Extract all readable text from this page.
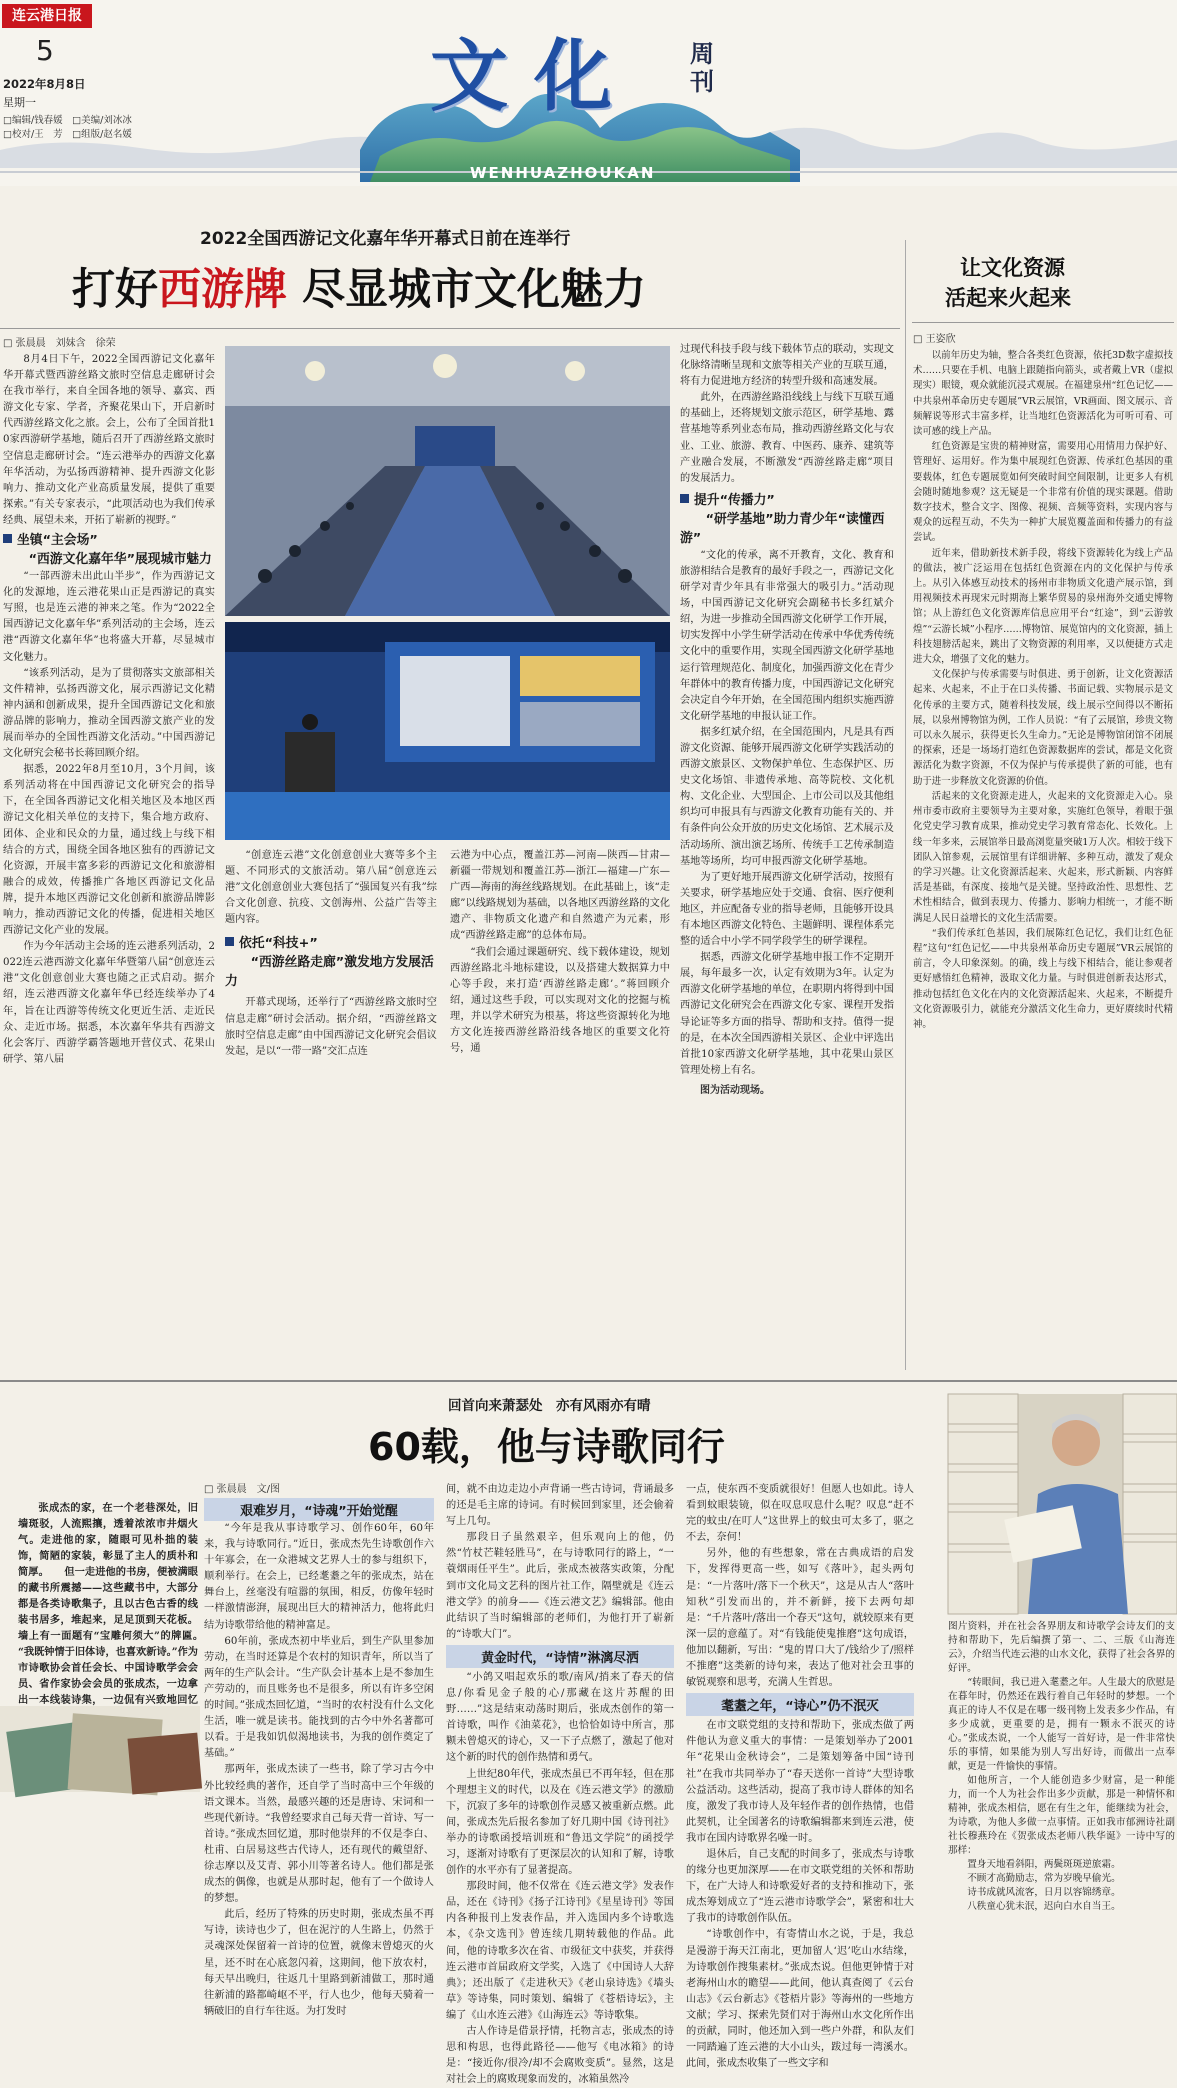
连云港日报
5
2022年8月8日
星期一
□编辑/钱春媛　□美编/刘冰冰
□校对/王　芳　□组版/赵名媛
文化 周刊
WENHUAZHOUKAN
2022全国西游记文化嘉年华开幕式日前在连举行
打好西游牌 尽显城市文化魅力
□ 张晨晨　刘妹含　徐荣

8月4日下午，2022全国西游记文化嘉年华开幕式暨西游丝路文旅时空信息走廊研讨会在我市举行，来自全国各地的领导、嘉宾、西游文化专家、学者，齐聚花果山下，开启新时代西游丝路文化之旅。会上，公布了全国首批10家西游研学基地，随后召开了西游丝路文旅时空信息走廊研讨会。“连云港举办的西游文化嘉年华活动，为弘扬西游精神、提升西游文化影响力、推动文化产业高质量发展，提供了重要探索。”有关专家表示，“此项活动也为我们传承经典、展望未来，开拓了崭新的视野。”

坐镇“主会场”
“西游文化嘉年华”展现城市魅力

“一部西游未出此山半步”，作为西游记文化的发源地，连云港花果山正是西游记的真实写照，也是连云港的神来之笔。作为“2022全国西游记文化嘉年华”系列活动的主会场，连云港“西游文化嘉年华”也将盛大开幕，尽显城市文化魅力。

“该系列活动，是为了贯彻落实文旅部相关文件精神，弘扬西游文化，展示西游记文化精神内涵和创新成果，提升全国西游记文化和旅游品牌的影响力，推动全国西游文旅产业的发展而举办的全国性西游文化活动。”中国西游记文化研究会秘书长蒋回顾介绍。

据悉，2022年8月至10月，3个月间，该系列活动将在中国西游记文化研究会的指导下，在全国各西游记文化相关地区及本地区西游记文化相关单位的支持下，集合地方政府、团体、企业和民众的力量，通过线上与线下相结合的方式，围绕全国各地区独有的西游记文化资源，开展丰富多彩的西游记文化和旅游相融合的成效，传播推广各地区西游记文化品牌，提升本地区西游记文化创新和旅游品牌影响力，推动西游记文化的传播，促进相关地区西游记文化产业的发展。

作为今年活动主会场的连云港系列活动，2022连云港西游文化嘉年华暨第八届“创意连云港”文化创意创业大赛也随之正式启动。据介绍，连云港西游文化嘉年华已经连续举办了4年，旨在让西游等传统文化更近生活、走近民众、走近市场。据悉，本次嘉年华共有西游文化会客厅、西游学霸答题地开营仪式、花果山研学、第八届

“创意连云港”文化创意创业大赛等多个主题、不同形式的文旅活动。第八届“创意连云港”文化创意创业大赛包括了“强国复兴有我”综合文化创意、抗疫、文创海州、公益广告等主题内容。

依托“科技+”
“西游丝路走廊”激发地方发展活力

开幕式现场，还举行了“西游丝路文旅时空信息走廊”研讨会活动。据介绍，“西游丝路文旅时空信息走廊”由中国西游记文化研究会倡议发起，是以“一带一路”交汇点连

云港为中心点，覆盖江苏—河南—陕西—甘肃—新疆一带规划和覆盖江苏—浙江—福建—广东—广西—海南的海丝线路规划。在此基础上，该“走廊”以线路规划为基础，以各地区西游丝路的文化遗产、非物质文化遗产和自然遗产为元素，形成“西游丝路走廊”的总体布局。

“我们会通过课题研究、线下载体建设，规划西游丝路北斗地标建设，以及搭建大数据算力中心等手段，来打造‘西游丝路走廊’。”蒋回顾介绍，通过这些手段，可以实现对文化的挖掘与梳理，并以学术研究为根基，将这些资源转化为地方文化连接西游丝路沿线各地区的重要文化符号，通

过现代科技手段与线下载体节点的联动，实现文化脉络清晰呈现和文旅等相关产业的互联互通，将有力促进地方经济的转型升级和高速发展。

此外，在西游丝路沿线线上与线下互联互通的基础上，还将规划文旅示范区，研学基地、露营基地等系列业态布局，推动西游丝路文化与农业、工业、旅游、教育、中医药、康养、建筑等产业融合发展，不断激发“西游丝路走廊”项目的发展活力。

提升“传播力”
“研学基地”助力青少年“读懂西游”

“文化的传承，离不开教育，文化、教育和旅游相结合是教育的最好手段之一，西游记文化研学对青少年具有非常强大的吸引力。”活动现场，中国西游记文化研究会副秘书长多红斌介绍，为进一步推动全国西游文化研学工作开展，切实发挥中小学生研学活动在传承中华优秀传统文化中的重要作用，实现全国西游文化研学基地运行管理规范化、制度化，加强西游文化在青少年群体中的教育传播力度，中国西游记文化研究会决定自今年开始，在全国范围内组织实施西游文化研学基地的申报认证工作。

据多红斌介绍，在全国范围内，凡是具有西游文化资源、能够开展西游文化研学实践活动的西游文旅景区、文物保护单位、生态保护区、历史文化场馆、非遗传承地、高等院校、文化机构、文化企业、大型国企、上市公司以及其他组织均可申报具有与西游文化教育功能有关的、并有条件向公众开放的历史文化场馆、艺术展示及活动场所、演出演艺场所、传统手工艺传承制造基地等场所，均可申报西游文化研学基地。

为了更好地开展西游文化研学活动，按照有关要求，研学基地应处于交通、食宿、医疗便利地区，并应配备专业的指导老师，且能够开设具有本地区西游文化特色、主题鲜明、课程体系完整的适合中小学不同学段学生的研学课程。

据悉，西游文化研学基地申报工作不定期开展，每年最多一次，认定有效期为3年。认定为西游文化研学基地的单位，在职期内将得到中国西游记文化研究会在西游文化专家、课程开发指导论证等多方面的指导、帮助和支持。值得一提的是，在本次全国西游相关景区、企业中评选出首批10家西游文化研学基地，其中花果山景区管理处榜上有名。

图为活动现场。
让文化资源
活起来火起来
□ 王姿欣

以前年历史为轴，整合各类红色资源，依托3D数字虚拟技术……只要在手机、电脑上跟随指向箭头，或者戴上VR（虚拟现实）眼镜，观众就能沉浸式观展。在福建泉州“红色记忆——中共泉州革命历史专题展”VR云展馆，VR画面、图文展示、音频解说等形式丰富多样，让当地红色资源活化为可听可看、可读可感的线上产品。

红色资源是宝贵的精神财富，需要用心用情用力保护好、管理好、运用好。作为集中展现红色资源、传承红色基因的重要载体，红色专题展览如何突破时间空间限制，让更多人有机会随时随地参观？这无疑是一个非常有价值的现实课题。借助数字技术，整合文字、图像、视频、音频等资料，实现内容与观众的远程互动，不失为一种扩大展览覆盖面和传播力的有益尝试。

近年来，借助新技术新手段，将线下资源转化为线上产品的做法，被广泛运用在包括红色资源在内的文化保护与传承上。从引入体感互动技术的扬州市非物质文化遗产展示馆，到用视频技术再现宋元时期海上繁华贸易的泉州海外交通史博物馆；从上游红色文化资源库信息应用平台“红途”，到“云游敦煌”“云游长城”小程序……博物馆、展览馆内的文化资源，插上科技翅膀活起来，跳出了文物资源的利用率，又以便捷方式走进大众，增强了文化的魅力。

文化保护与传承需要与时俱进、勇于创新，让文化资源活起来、火起来，不止于在口头传播、书面记载、实物展示是文化传承的主要方式，随着科技发展，线上展示空间得以不断拓展，以泉州博物馆为例，工作人员说：“有了云展馆，珍贵文物可以永久展示，获得更长久生命力。”无论是博物馆闭馆不闭展的探索，还是一场场打造红色资源数据库的尝试，都是文化资源活化为数字资源，不仅为保护与传承提供了新的可能，也有助于进一步释放文化资源的价值。

活起来的文化资源走进人，火起来的文化资源走入心。泉州市委市政府主要领导为主要对象，实施红色领导，着眼于强化党史学习教育成果，推动党史学习教育常态化、长效化。上线一年多来，云展馆举日最高浏览量突破1万人次。相较于线下团队入馆参观，云展馆里有详细讲解、多种互动，激发了观众的学习兴趣。让文化资源活起来、火起来，形式新颖、内容鲜活是基础，有深度、接地气是关键。坚持政治性、思想性、艺术性相结合，做到表现力、传播力、影响力相统一，才能不断满足人民日益增长的文化生活需要。

“我们传承红色基因，我们展陈红色记忆，我们让红色征程”这句“红色记忆——中共泉州革命历史专题展”VR云展馆的前言，令人印象深刻。的确，线上与线下相结合，能让参观者更好感悟红色精神，汲取文化力量。与时俱进创新表达形式，推动包括红色文化在内的文化资源活起来、火起来，不断提升文化资源吸引力，就能充分激活文化生命力，更好赓续时代精神。

回首向来萧瑟处　亦有风雨亦有晴
60载，他与诗歌同行

张成杰的家，在一个老巷深处，旧墙斑驳，人流熙攘，透着浓浓市井烟火气。走进他的家，随眼可见朴拙的装饰，简陋的家装，彰显了主人的质朴和简厚。　　但一走进他的书房，便被满眼的藏书所震撼——这些藏书中，大部分都是各类诗歌集子，且以古色古香的线装书居多，堆起来，足足顶到天花板。墙上有一面题有“宝雕何须大”的牌匾。　　“我既钟情于旧体诗，也喜欢新诗。”作为市诗歌协会首任会长、中国诗歌学会会员、省作家协会会员的张成杰，一边拿出一本线装诗集，一边侃有兴致地回忆

□ 张晨晨　文/图
艰难岁月，“诗魂”开始觉醒

“今年是我从事诗歌学习、创作60年，60年来，我与诗歌同行。”近日，张成杰先生诗歌创作六十年寡会，在一众港城文艺界人士的参与组织下，顺利举行。在会上，已经耄耋之年的张成杰，站在舞台上，丝毫没有喧嚣的氛围，相反，仿像年轻时一样激情澎湃，展现出巨大的精神活力，他将此归结为诗歌带给他的精神富足。

60年前，张成杰初中毕业后，到生产队里参加劳动，在当时还算是个农村的知识青年，所以当了两年的生产队会计。“生产队会计基本上是不参加生产劳动的，而且账务也不是很多，所以有许多空闲的时间。”张成杰回忆道，“当时的农村没有什么文化生活，唯一就是读书。能找到的古今中外名著都可以看。于是我如饥似渴地读书，为我的创作奠定了基础。”

那两年，张成杰读了一些书，除了学习古今中外比较经典的著作，还自学了当时高中三个年级的语文课本。当然，最感兴趣的还是唐诗、宋词和一些现代新诗。“我曾经要求自己每天背一首诗、写一首诗。”张成杰回忆道，那时他崇拜的不仅是李白、杜甫、白居易这些古代诗人，还有现代的戴望舒、徐志摩以及艾青、郭小川等著名诗人。他们都是张成杰的偶像，也就是从那时起，他有了一个做诗人的梦想。

此后，经历了特殊的历史时期，张成杰虽不再写诗，读诗也少了，但在泥泞的人生路上，仍然于灵魂深处保留着一首诗的位置，就像末曾熄灭的火星，还不时在心底忽闪着，这期间，他下放农村，每天早出晚归，往返几十里路到新浦做工，那时通往新浦的路都崎岖不平，行人也少，他每天骑着一辆破旧的自行车往返。为打发时

间，就不由边走边小声背诵一些古诗词，背诵最多的还是毛主席的诗词。有时候回到家里，还会偷着写上几句。

那段日子虽然艰辛，但乐观向上的他，仍然“竹杖芒鞋轻胜马”，在与诗歌同行的路上，“一蓑烟雨任平生”。此后，张成杰被落实政策，分配到市文化局文艺科的图片社工作，隔壁就是《连云港文学》的前身——《连云港文艺》编辑部。他由此结识了当时编辑部的老师们，为他打开了崭新的“诗歌大门”。

黄金时代，“诗情”淋漓尽洒

“小鸽又唱起欢乐的歌/南风/捎来了春天的信息/你看见金子般的心/那藏在这片苏醒的田野……”这是结束动荡时期后，张成杰创作的第一首诗歌，叫作《油菜花》，也恰恰如诗中所言，那颗未曾熄灭的诗心，又一下子点燃了，激起了他对这个新的时代的创作热情和勇气。

上世纪80年代，张成杰虽已不再年轻，但在那个理想主义的时代，以及在《连云港文学》的激励下，沉寂了多年的诗歌创作灵感又被重新点燃。此间，张成杰先后报名参加了好几期中国《诗刊社》举办的诗歌函授培训班和“鲁迅文学院”的函授学习，逐渐对诗歌有了更深层次的认知和了解，诗歌创作的水平亦有了显著提高。

那段时间，他不仅常在《连云港文学》发表作品，还在《诗刊》《扬子江诗刊》《星星诗刊》等国内各种报刊上发表作品，并入选国内多个诗歌选本，《杂文选刊》曾连续几期转载他的作品。此间，他的诗歌多次在省、市级征文中获奖，并获得连云港市首届政府文学奖，入选了《中国诗人大辞典》；还出版了《走进秋天》《老山泉诗选》《墙头草》等诗集，同时策划、编辑了《苍梧诗坛》，主编了《山水连云港》《山海连云》等诗歌集。

古人作诗是借景抒情，托物言志，张成杰的诗思和构思，也得此路径——他写《电冰箱》的诗是：“接近你/很冷/却不会腐败变质”。显然，这是对社会上的腐败现象而发的，冰箱虽然冷

一点，使东西不变质就很好！但愿人也如此。诗人看到蚊眼装镜，似在叹息叹息什么呢？叹息“赶不完的蚊虫/在叮人”这世界上的蚊虫可太多了，驱之不去，奈何！

另外，他的有些想象，常在古典成语的启发下，发挥得更高一些，如写《落叶》，起头两句是：“一片落叶/落下一个秋天”，这是从古人“落叶知秋”引发而出的，并不新鲜，接下去两句却是：“千片落叶/落出一个春天”这句，就较原来有更深一层的意蕴了。对“有钱能使鬼推磨”这句成语，他加以翻新，写出：“鬼的胃口大了/钱给少了/照样不推磨”这类新的诗句来，表达了他对社会丑事的敏锐观察和思考，充满人生哲思。

耄耋之年，“诗心”仍不泯灭

在市文联党组的支持和帮助下，张成杰做了两件他认为意义重大的事情：一是策划举办了2001年“花果山金秋诗会”，二是策划筹备中国“诗刊社”在我市共同举办了“春天送你一首诗”大型诗歌公益活动。这些活动，提高了我市诗人群体的知名度，激发了我市诗人及年轻作者的创作热情，也借此契机，让全国著名的诗歌编辑都来到连云港，使我市在国内诗歌界名噪一时。

退休后，自己支配的时间多了，张成杰与诗歌的缘分也更加深厚——在市文联党组的关怀和帮助下，在广大诗人和诗歌爱好者的支持和推动下，张成杰筹划成立了“连云港市诗歌学会”，紧密和壮大了我市的诗歌创作队伍。

“诗歌创作中，有寄情山水之说，于是，我总是漫游于海天江南北，更加留人‘迟’吃山水结缘，为诗歌创作搜集素材。”张成杰说。但他更钟情于对老海州山水的瞻望——此间，他认真查阅了《云台山志》《云台新志》《苍梧片影》等海州的一些地方文献；学习、探索先贤们对于海州山水文化所作出的贡献，同时，他还加入到一些户外群，和队友们一同踏遍了连云港的大小山头，跋过每一湾溪水。此间，张成杰收集了一些文字和

图片资料，并在社会各界朋友和诗歌学会诗友们的支持和帮助下，先后编撰了第一、二、三版《山海连云》，介绍当代连云港的山水文化，获得了社会各界的好评。

“转眼间，我已进入耄耋之年。人生最大的欣慰是在暮年时，仍然还在践行着自己年轻时的梦想。一个真正的诗人不仅是在哪一级刊物上发表多少作品，有多少成就，更重要的是，拥有一颗永不泯灭的诗心。”张成杰说，一个人能写一首好诗，是一件非常快乐的事情，如果能为别人写出好诗，而做出一点奉献，更是一件愉快的事情。

如他所言，一个人能创造多少财富，是一种能力，而一个人为社会作出多少贡献，那是一种情怀和精神，张成杰相信，愿在有生之年，能继续为社会，为诗歌，为他人多做一点事情。正如我市郁洲诗社副社长穆燕玲在《贺张成杰老师八秩华诞》一诗中写的那样：

置身天地看斜阳，两鬓斑斑逆旅霜。
不顾才高勤励志，常为岁晚早偷光。
诗书成就风流客，日月以容锦绣章。
八秩童心犹未泯，迟向白水自当王。
